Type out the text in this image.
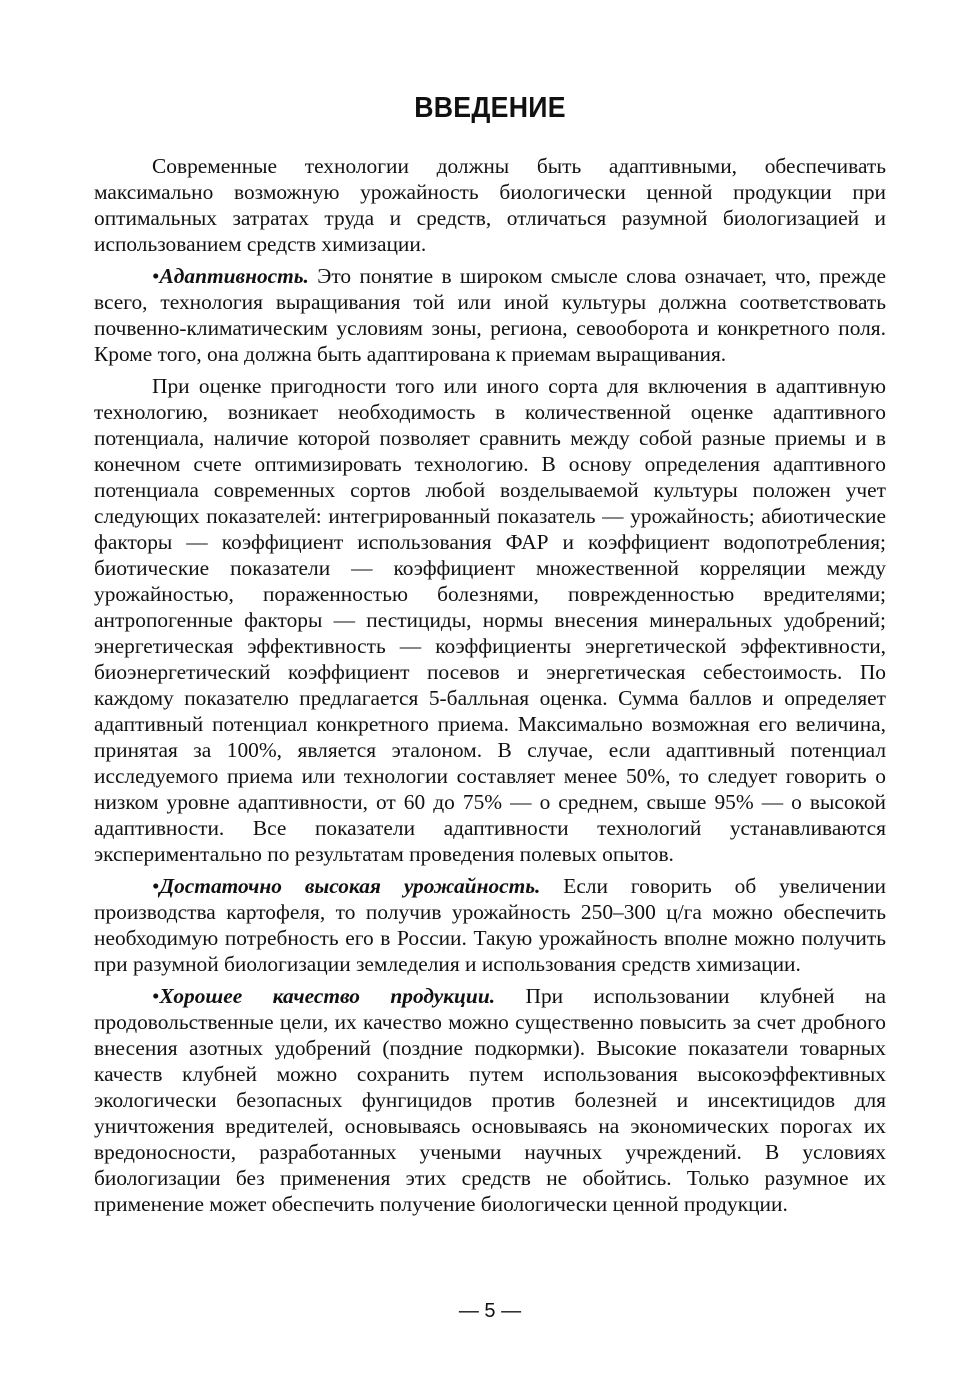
ВВЕДЕНИЕ

Современные технологии должны быть адаптивными, обеспечивать максимально возможную урожайность биологически ценной продукции при оптимальных затратах труда и средств, отличаться разумной биологизацией и использованием средств химизации.

•Адаптивность. Это понятие в широком смысле слова означает, что, прежде всего, технология выращивания той или иной культуры должна соответствовать почвенно-климатическим условиям зоны, региона, севооборота и конкретного поля. Кроме того, она должна быть адаптирована к приемам выращивания.

При оценке пригодности того или иного сорта для включения в адаптивную технологию, возникает необходимость в количественной оценке адаптивного потенциала, наличие которой позволяет сравнить между собой разные приемы и в конечном счете оптимизировать технологию. В основу определения адаптивного потенциала современных сортов любой возделываемой культуры положен учет следующих показателей: интегрированный показатель — урожайность; абиотические факторы — коэффициент использования ФАР и коэффициент водопотребления; биотические показатели — коэффициент множественной корреляции между урожайностью, пораженностью болезнями, поврежденностью вредителями; антропогенные факторы — пестициды, нормы внесения минеральных удобрений; энергетическая эффективность — коэффициенты энергетической эффективности, биоэнергетический коэффициент посевов и энергетическая себестоимость. По каждому показателю предлагается 5-балльная оценка. Сумма баллов и определяет адаптивный потенциал конкретного приема. Максимально возможная его величина, принятая за 100%, является эталоном. В случае, если адаптивный потенциал исследуемого приема или технологии составляет менее 50%, то следует говорить о низком уровне адаптивности, от 60 до 75% — о среднем, свыше 95% — о высокой адаптивности. Все показатели адаптивности технологий устанавливаются экспериментально по результатам проведения полевых опытов.

•Достаточно высокая урожайность. Если говорить об увеличении производства картофеля, то получив урожайность 250–300 ц/га можно обеспечить необходимую потребность его в России. Такую урожайность вполне можно получить при разумной биологизации земледелия и использования средств химизации.

•Хорошее качество продукции. При использовании клубней на продовольственные цели, их качество можно существенно повысить за счет дробного внесения азотных удобрений (поздние подкормки). Высокие показатели товарных качеств клубней можно сохранить путем использования высокоэффективных экологически безопасных фунгицидов против болезней и инсектицидов для уничтожения вредителей, основываясь основываясь на экономических порогах их вредоносности, разработанных учеными научных учреждений. В условиях биологизации без применения этих средств не обойтись. Только разумное их применение может обеспечить получение биологически ценной продукции.

— 5 —
